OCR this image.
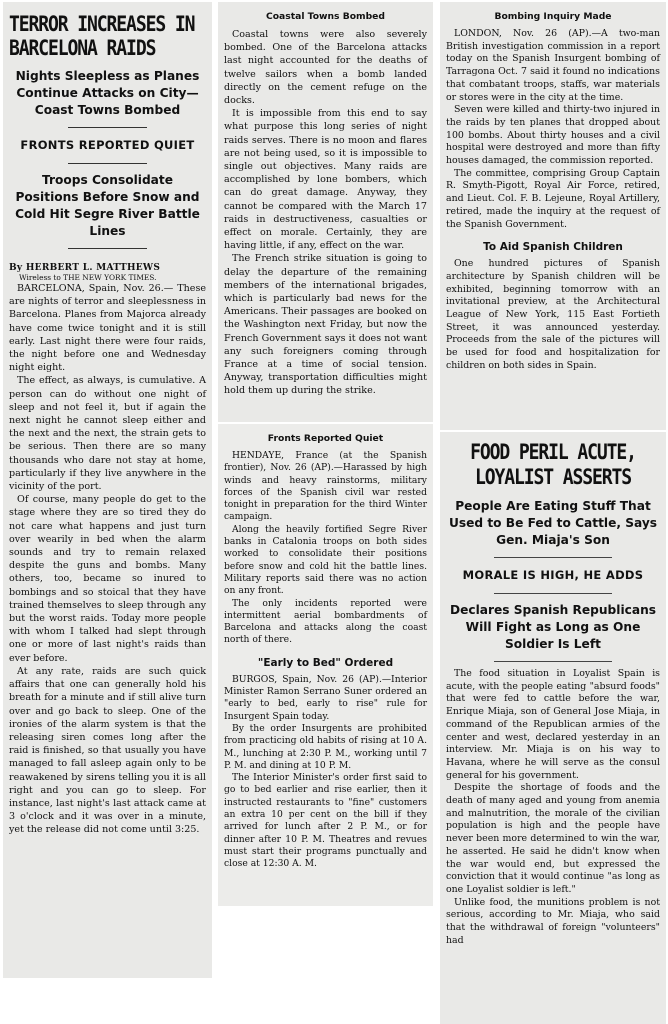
TERROR INCREASES IN BARCELONA RAIDS
Nights Sleepless as Planes Continue Attacks on City— Coast Towns Bombed
FRONTS REPORTED QUIET
Troops Consolidate Positions Before Snow and Cold Hit Segre River Battle Lines
By HERBERT L. MATTHEWS
Wireless to THE NEW YORK TIMES.

BARCELONA, Spain, Nov. 26.— These are nights of terror and sleeplessness in Barcelona. Planes from Majorca already have come twice tonight and it is still early. Last night there were four raids, the night before one and Wednesday night eight.

The effect, as always, is cumulative. A person can do without one night of sleep and not feel it, but if again the next night he cannot sleep either and the next and the next, the strain gets to be serious. Then there are so many thousands who dare not stay at home, particularly if they live anywhere in the vicinity of the port.

Of course, many people do get to the stage where they are so tired they do not care what happens and just turn over wearily in bed when the alarm sounds and try to remain relaxed despite the guns and bombs. Many others, too, became so inured to bombings and so stoical that they have trained themselves to sleep through any but the worst raids. Today more people with whom I talked had slept through one or more of last night's raids than ever before.

At any rate, raids are such quick affairs that one can generally hold his breath for a minute and if still alive turn over and go back to sleep. One of the ironies of the alarm system is that the releasing siren comes long after the raid is finished, so that usually you have managed to fall asleep again only to be reawakened by sirens telling you it is all right and you can go to sleep. For instance, last night's last attack came at 3 o'clock and it was over in a minute, yet the release did not come until 3:25.

Coastal Towns Bombed

Coastal towns were also severely bombed. One of the Barcelona attacks last night accounted for the deaths of twelve sailors when a bomb landed directly on the cement refuge on the docks.

It is impossible from this end to say what purpose this long series of night raids serves. There is no moon and flares are not being used, so it is impossible to single out objectives. Many raids are accomplished by lone bombers, which can do great damage. Anyway, they cannot be compared with the March 17 raids in destructiveness, casualties or effect on morale. Certainly, they are having little, if any, effect on the war.

The French strike situation is going to delay the departure of the remaining members of the international brigades, which is particularly bad news for the Americans. Their passages are booked on the Washington next Friday, but now the French Government says it does not want any such foreigners coming through France at a time of social tension. Anyway, transportation difficulties might hold them up during the strike.

Fronts Reported Quiet

HENDAYE, France (at the Spanish frontier), Nov. 26 (AP).—Harassed by high winds and heavy rainstorms, military forces of the Spanish civil war rested tonight in preparation for the third Winter campaign.

Along the heavily fortified Segre River banks in Catalonia troops on both sides worked to consolidate their positions before snow and cold hit the battle lines. Military reports said there was no action on any front.

The only incidents reported were intermittent aerial bombardments of Barcelona and attacks along the coast north of there.

"Early to Bed" Ordered

BURGOS, Spain, Nov. 26 (AP).—Interior Minister Ramon Serrano Suner ordered an "early to bed, early to rise" rule for Insurgent Spain today.

By the order Insurgents are prohibited from practicing old habits of rising at 10 A. M., lunching at 2:30 P. M., working until 7 P. M. and dining at 10 P. M.

The Interior Minister's order first said to go to bed earlier and rise earlier, then it instructed restaurants to "fine" customers an extra 10 per cent on the bill if they arrived for lunch after 2 P. M., or for dinner after 10 P. M. Theatres and revues must start their programs punctually and close at 12:30 A. M.

Bombing Inquiry Made

LONDON, Nov. 26 (AP).—A two-man British investigation commission in a report today on the Spanish Insurgent bombing of Tarragona Oct. 7 said it found no indications that combatant troops, staffs, war materials or stores were in the city at the time.

Seven were killed and thirty-two injured in the raids by ten planes that dropped about 100 bombs. About thirty houses and a civil hospital were destroyed and more than fifty houses damaged, the commission reported.

The committee, comprising Group Captain R. Smyth-Pigott, Royal Air Force, retired, and Lieut. Col. F. B. Lejeune, Royal Artillery, retired, made the inquiry at the request of the Spanish Government.

To Aid Spanish Children

One hundred pictures of Spanish architecture by Spanish children will be exhibited, beginning tomorrow with an invitational preview, at the Architectural League of New York, 115 East Fortieth Street, it was announced yesterday. Proceeds from the sale of the pictures will be used for food and hospitalization for children on both sides in Spain.

FOOD PERIL ACUTE, LOYALIST ASSERTS
People Are Eating Stuff That Used to Be Fed to Cattle, Says Gen. Miaja's Son
MORALE IS HIGH, HE ADDS
Declares Spanish Republicans Will Fight as Long as One Soldier Is Left

The food situation in Loyalist Spain is acute, with the people eating "absurd foods" that were fed to cattle before the war, Enrique Miaja, son of General Jose Miaja, in command of the Republican armies of the center and west, declared yesterday in an interview. Mr. Miaja is on his way to Havana, where he will serve as the consul general for his government.

Despite the shortage of foods and the death of many aged and young from anemia and malnutrition, the morale of the civilian population is high and the people have never been more determined to win the war, he asserted. He said he didn't know when the war would end, but expressed the conviction that it would continue "as long as one Loyalist soldier is left."

Unlike food, the munitions problem is not serious, according to Mr. Miaja, who said that the withdrawal of foreign "volunteers" had
